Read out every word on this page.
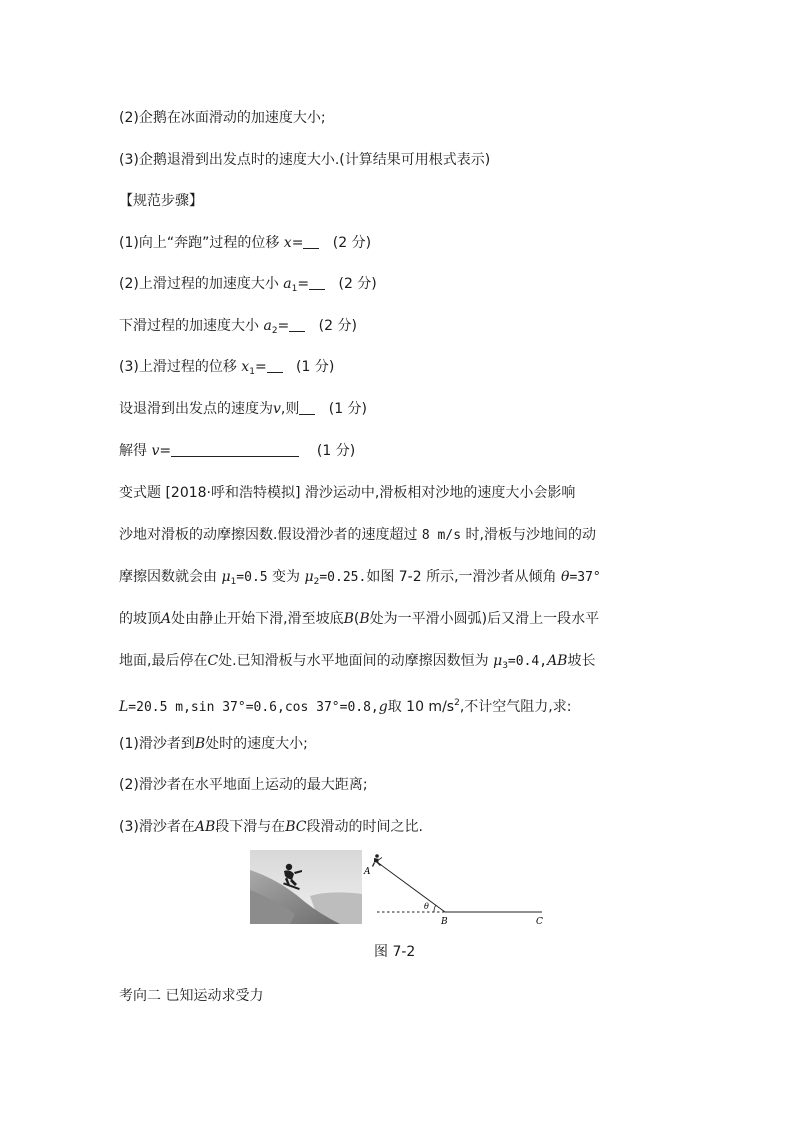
(2)企鹅在冰面滑动的加速度大小;
(3)企鹅退滑到出发点时的速度大小.(计算结果可用根式表示)
【规范步骤】
(1)向上“奔跑”过程的位移 x= (2 分)
(2)上滑过程的加速度大小 $a_1= (2$ 分)
下滑过程的加速度大小 $a_2= (2$ 分)
(3)上滑过程的位移 $x_1= (1$ 分)
设退滑到出发点的速度为v,则 (1 分)
解得 v=	(1 分)
变式题 [2018·呼和浩特模拟] 滑沙运动中,滑板相对沙地的速度大小会影响
沙地对滑板的动摩擦因数.假设滑沙者的速度超过 8 m/s 时,滑板与沙地间的动
摩擦因数就会由 $\mu_1=0.5$ 变为 $\mu_2=0.25$.如图 7-2 所示,一滑沙者从倾角 θ=37°
的坡顶A处由静止开始下滑,滑至坡底B(B处为一平滑小圆弧)后又滑上一段水平
地面,最后停在C处.已知滑板与水平地面间的动摩擦因数恒为 $\mu_3=0.4,AB$坡长
L=20.5 m,sin 37°=0.6,cos 37°=0.8,g取 10 $m/s^2$,不计空气阻力,求:
(1)滑沙者到B处时的速度大小;
(2)滑沙者在水平地面上运动的最大距离;
(3)滑沙者在AB段下滑与在BC段滑动的时间之比.
A
θ
B	C
图 7-2
考向二 已知运动求受力
